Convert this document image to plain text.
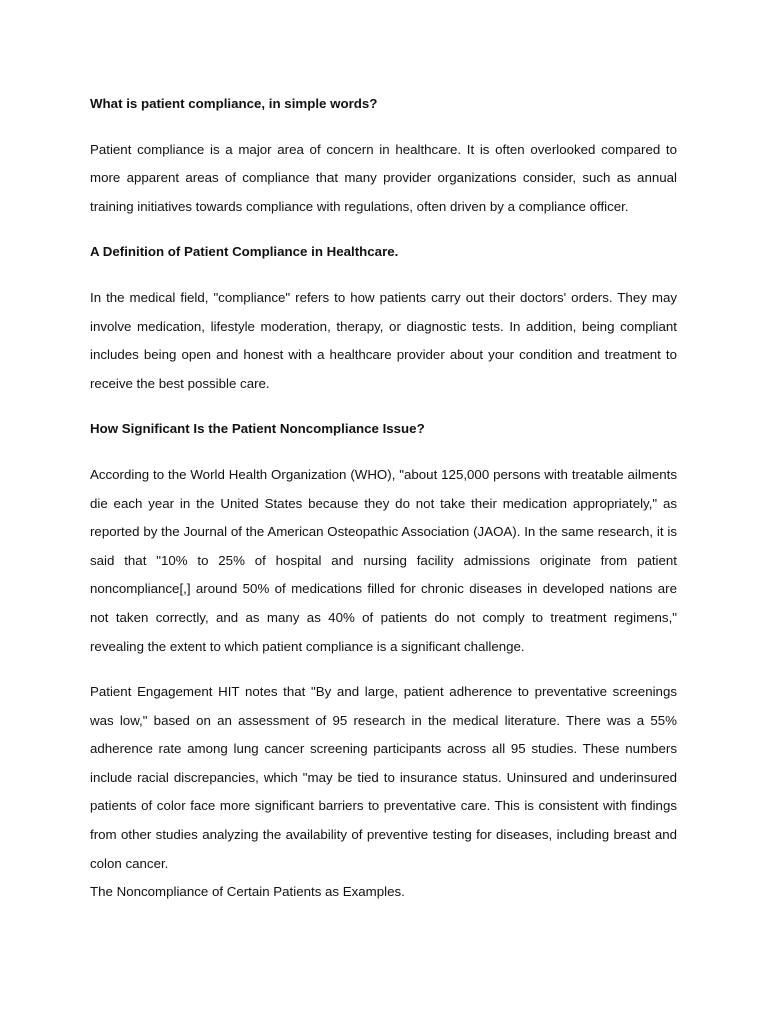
What is patient compliance, in simple words?

Patient compliance is a major area of concern in healthcare. It is often overlooked compared to more apparent areas of compliance that many provider organizations consider, such as annual training initiatives towards compliance with regulations, often driven by a compliance officer.

A Definition of Patient Compliance in Healthcare.

In the medical field, "compliance" refers to how patients carry out their doctors' orders. They may involve medication, lifestyle moderation, therapy, or diagnostic tests. In addition, being compliant includes being open and honest with a healthcare provider about your condition and treatment to receive the best possible care.

How Significant Is the Patient Noncompliance Issue?

According to the World Health Organization (WHO), "about 125,000 persons with treatable ailments die each year in the United States because they do not take their medication appropriately," as reported by the Journal of the American Osteopathic Association (JAOA). In the same research, it is said that "10% to 25% of hospital and nursing facility admissions originate from patient noncompliance[,] around 50% of medications filled for chronic diseases in developed nations are not taken correctly, and as many as 40% of patients do not comply to treatment regimens," revealing the extent to which patient compliance is a significant challenge.

Patient Engagement HIT notes that "By and large, patient adherence to preventative screenings was low," based on an assessment of 95 research in the medical literature. There was a 55% adherence rate among lung cancer screening participants across all 95 studies. These numbers include racial discrepancies, which "may be tied to insurance status. Uninsured and underinsured patients of color face more significant barriers to preventative care. This is consistent with findings from other studies analyzing the availability of preventive testing for diseases, including breast and colon cancer.

The Noncompliance of Certain Patients as Examples.
